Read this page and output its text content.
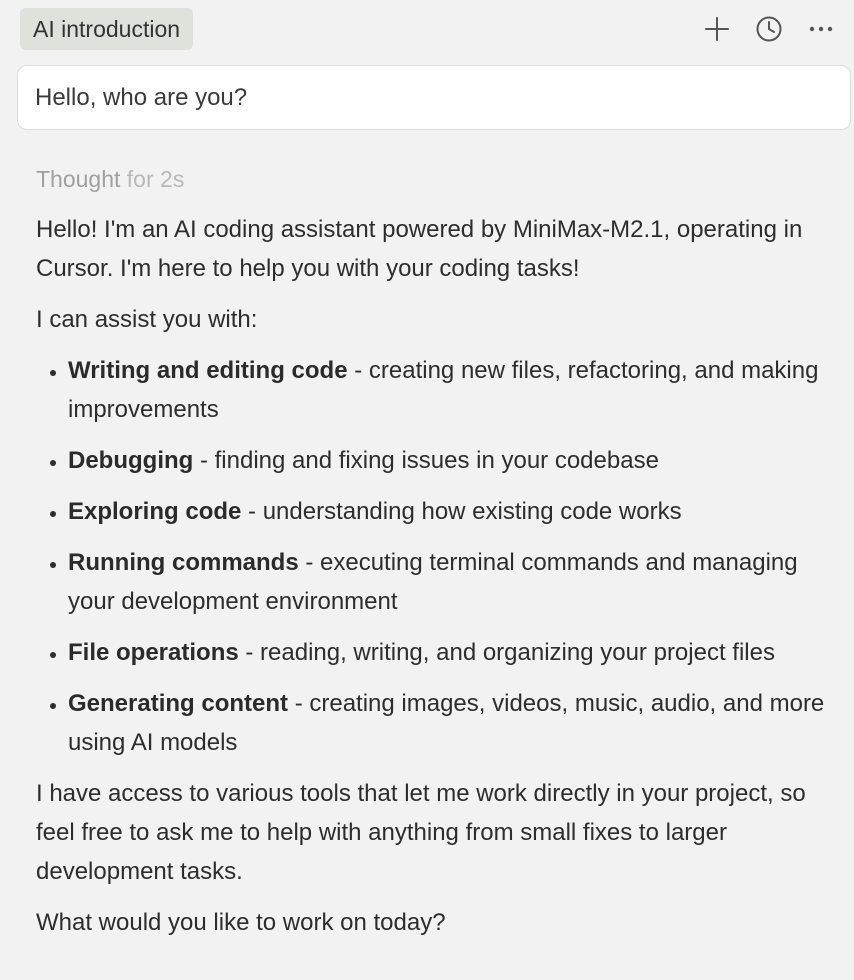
AI introduction
Hello, who are you?
Thought for 2s

Hello! I'm an AI coding assistant powered by MiniMax-M2.1, operating in Cursor. I'm here to help you with your coding tasks!

I can assist you with:

• Writing and editing code - creating new files, refactoring, and making improvements
• Debugging - finding and fixing issues in your codebase
• Exploring code - understanding how existing code works
• Running commands - executing terminal commands and managing your development environment
• File operations - reading, writing, and organizing your project files
• Generating content - creating images, videos, music, audio, and more using AI models

I have access to various tools that let me work directly in your project, so feel free to ask me to help with anything from small fixes to larger development tasks.

What would you like to work on today?
